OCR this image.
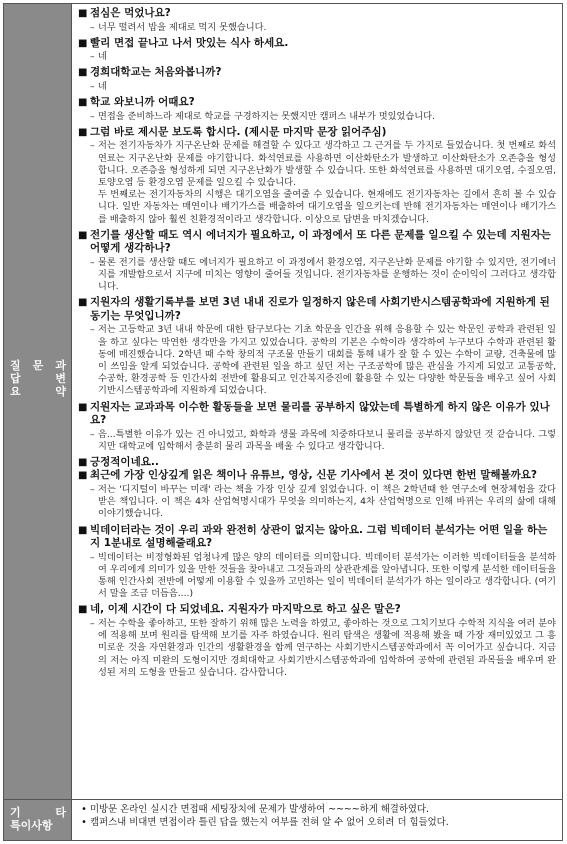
질 문 과
답 변
요 약
기 타
특이사항
■ 점심은 먹었나요?
– 너무 떨려서 밥을 제대로 먹지 못했습니다.
■ 빨리 면접 끝나고 나서 맛있는 식사 하세요.
– 네
■ 경희대학교는 처음와봅니까?
– 네
■ 학교 와보니까 어때요?
– 면접을 준비하느라 제대로 학교를 구경하지는 못했지만 캠퍼스 내부가 멋있었습니다.
■ 그럼 바로 제시문 보도록 합시다. (제시문 마지막 문장 읽어주심)
– 저는 전기자동차가 지구온난화 문제를 해결할 수 있다고 생각하고 그 근거를 두 가지로 들었습니다. 첫 번째로 화석연료는 지구온난화 문제를 야기합니다. 화석연료를 사용하면 이산화탄소가 발생하고 이산화탄소가 오존층을 형성합니다. 오존층을 형성하게 되면 지구온난화가 발생할 수 있습니다. 또한 화석연료를 사용하면 대기오염, 수질오염, 토양오염 등 환경오염 문제를 일으킬 수 있습니다.
두 번째로는 전기자동차의 시행은 대기오염을 줄여줄 수 있습니다. 현재에도 전기자동차는 길에서 흔히 볼 수 있습니다. 일반 자동차는 매연이나 배기가스를 배출하여 대기오염을 일으키는데 반해 전기자동차는 매연이나 배기가스를 배출하지 않아 훨씬 친환경적이라고 생각합니다. 이상으로 답변을 마치겠습니다.
■ 전기를 생산할 때도 역시 에너지가 필요하고, 이 과정에서 또 다른 문제를 일으킬 수 있는데 지원자는 어떻게 생각하나?
– 물론 전기를 생산할 때도 에너지가 필요하고 이 과정에서 환경오염, 지구온난화 문제를 야기할 수 있지만, 전기에너지를 개발함으로서 지구에 미치는 영향이 줄어들 것입니다. 전기자동차를 운행하는 것이 순이익이 그러다고 생각합니다.
■ 지원자의 생활기록부를 보면 3년 내내 진로가 일정하지 않은데 사회기반시스템공학과에 지원하게 된 동기는 무엇입니까?
– 저는 고등학교 3년 내내 학문에 대한 탐구보다는 기초 학문을 인간을 위해 응용할 수 있는 학문인 공학과 관련된 일을 하고 싶다는 막연한 생각만을 가지고 있었습니다. 공학의 기본은 수학이라 생각하여 누구보다 수학과 관련된 활동에 매진했습니다. 2학년 때 수학 창의적 구조물 만들기 대회를 통해 내가 잘 할 수 있는 수학이 교량, 건축물에 많이 쓰임을 알게 되었습니다. 공학에 관련된 일을 하고 싶던 저는 구조공학에 많은 관심을 가지게 되었고 교통공학, 수공학, 환경공학 등 인간사회 전반에 활용되고 인간복지증진에 활용할 수 있는 다양한 학문들을 배우고 싶어 사회기반시스템공학과에 지원하게 되었습니다.
■ 지원자는 교과과목 이수한 활동들을 보면 물리를 공부하지 않았는데 특별하게 하지 않은 이유가 있나요?
– 음...특별한 이유가 있는 건 아니었고, 화학과 생물 과목에 치중하다보니 물리를 공부하지 않았던 것 같습니다. 그렇지만 대학교에 입학해서 충분히 물리 과목을 배울 수 있다고 생각합니다.
■ 긍정적이네요..
■ 최근에 가장 인상깊게 읽은 책이나 유튜브, 영상, 신문 기사에서 본 것이 있다면 한번 말해볼까요?
– 저는 '디지털이 바꾸는 미래' 라는 책을 가장 인상 깊게 읽었습니다. 이 책은 2학년때 한 연구소에 현장체험을 갔다 받은 책입니다. 이 책은 4차 산업혁명시대가 무엇을 의미하는지, 4차 산업혁명으로 인해 바뀌는 우리의 삶에 대해 이야기했습니다.
■ 빅데이터라는 것이 우리 과와 완전히 상관이 없지는 않아요. 그럼 빅데이터 분석가는 어떤 일을 하는지 1분내로 설명해줄래요?
– 빅데이터는 비정형화된 엄청나게 많은 양의 데이터를 의미합니다. 빅데이터 분석가는 이러한 빅데이터들을 분석하여 우리에게 의미가 있을 만한 것들을 찾아내고 그것들과의 상관관계를 알아냅니다. 또한 이렇게 분석한 데이터들을 통해 인간사회 전반에 어떻게 이용할 수 있을까 고민하는 일이 빅데이터 분석가가 하는 일이라고 생각합니다. (여기서 말을 조금 더듬음....)
■ 네, 이제 시간이 다 되었네요. 지원자가 마지막으로 하고 싶은 말은?
– 저는 수학을 좋아하고, 또한 잘하기 위해 많은 노력을 하였고, 좋아하는 것으로 그치기보다 수학적 지식을 여러 분야에 적용해 보며 원리를 탐색해 보기를 자주 하였습니다. 원리 탐색은 생활에 적용해 봤을 때 가장 재미있었고 그 흥미로운 것을 자연환경과 인간의 생활환경을 함께 연구하는 사회기반시스템공학과에서 꼭 이어가고 싶습니다. 지금의 저는 아직 미완의 도형이지만 경희대학교 사회기반시스템공학과에 입학하여 공학에 관련된 과목들을 배우며 완성된 저의 도형을 만들고 싶습니다. 감사합니다.
• 미방문 온라인 실시간 면접때 세팅장치에 문제가 발생하여 ~~~~하게 해결하였다.
• 캠퍼스내 비대면 면접이라 틀린 답을 했는지 여부를 전혀 알 수 없어 오히려 더 힘들었다.
